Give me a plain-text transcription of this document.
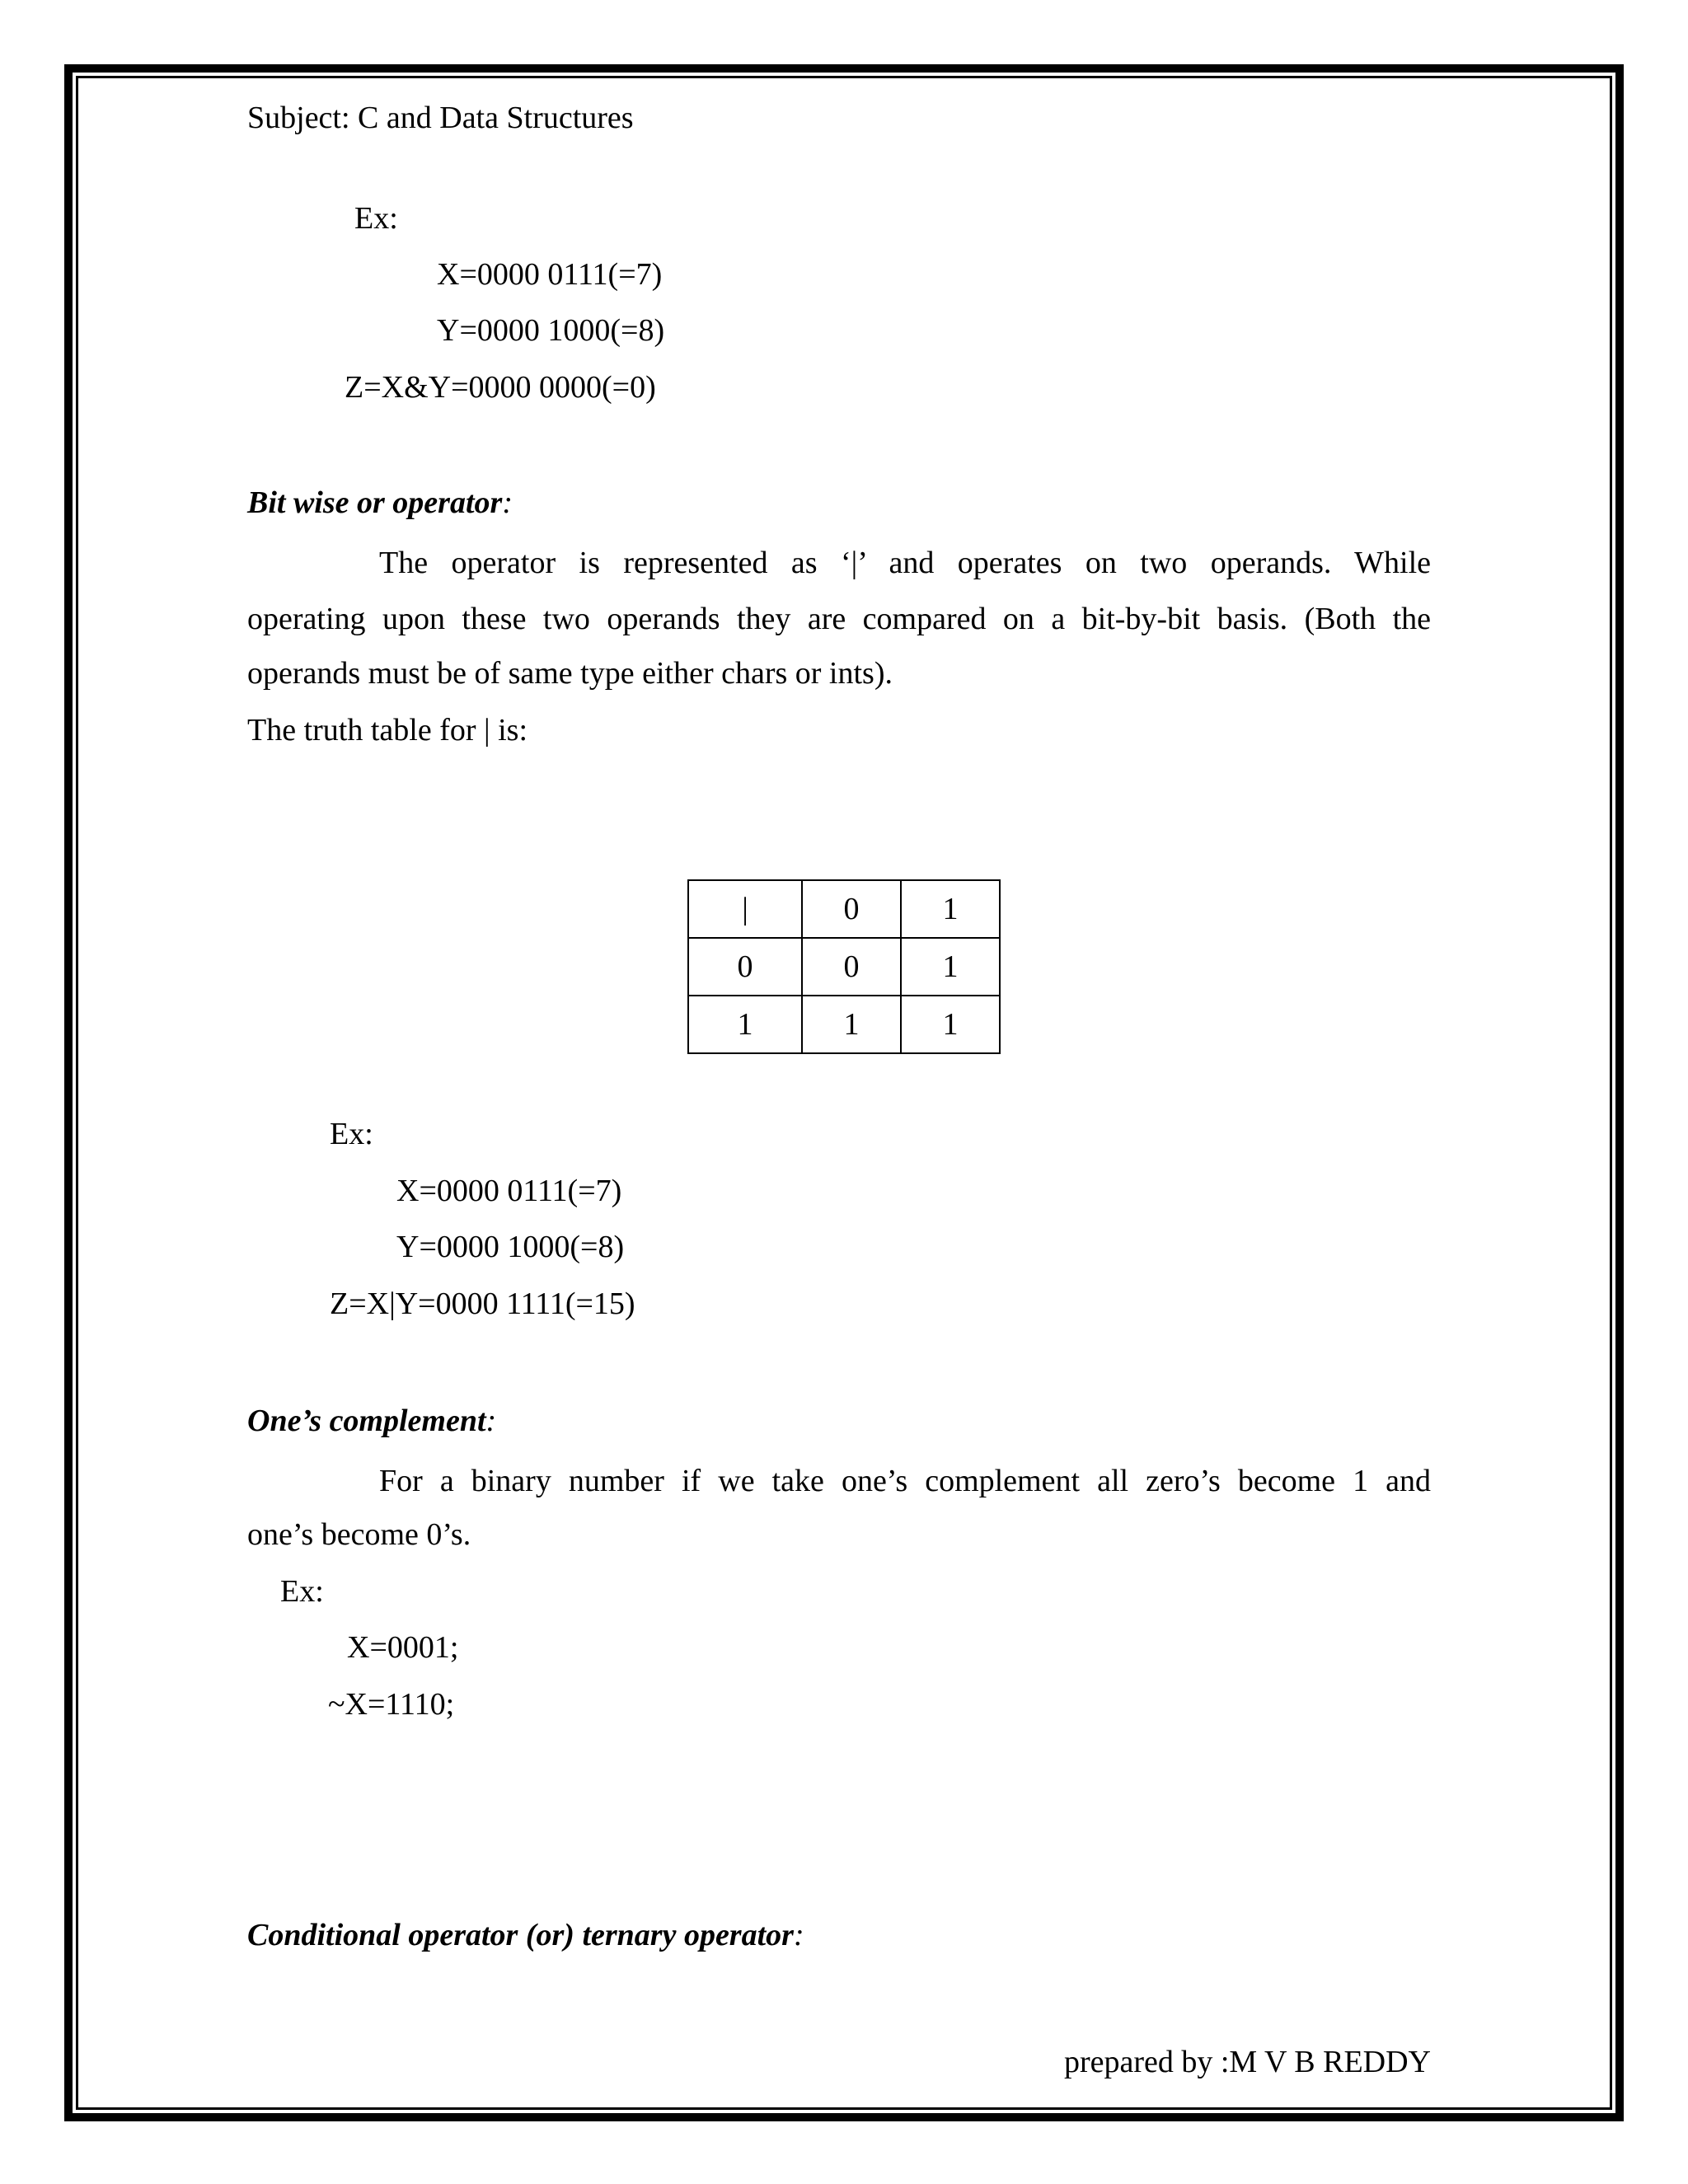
Subject: C and Data Structures
Ex:
X=0000 0111(=7)
Y=0000 1000(=8)
Z=X&Y=0000 0000(=0)
Bit wise or operator:
The operator is represented as ‘|’ and operates on two operands. While
operating upon these two operands they are compared on a bit-by-bit basis. (Both the
operands must be of same type either chars or ints).
The truth table for | is:
|	0	1
0	0	1
1	1	1
Ex:
X=0000 0111(=7)
Y=0000 1000(=8)
Z=X|Y=0000 1111(=15)
One’s complement:
For a binary number if we take one’s complement all zero’s become 1 and
one’s become 0’s.
Ex:
X=0001;
~X=1110;
Conditional operator (or) ternary operator:
prepared by :M V B REDDY
